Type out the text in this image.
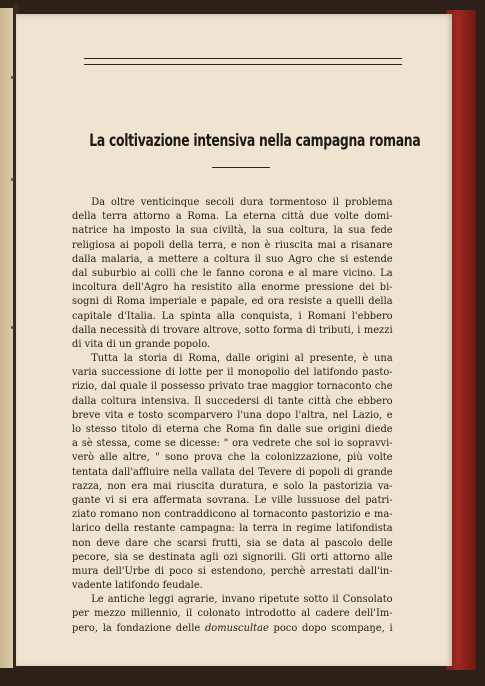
La coltivazione intensiva nella campagna romana
Da oltre venticinque secoli dura tormentoso il problema
della terra attorno a Roma. La eterna città due volte domi-
natrice ha imposto la sua civiltà, la sua coltura, la sua fede
religiosa ai popoli della terra, e non è riuscita mai a risanare
dalla malaria, a mettere a coltura il suo Agro che si estende
dal suburbio ai colli che le fanno corona e al mare vicino. La
incoltura dell'Agro ha resistito alla enorme pressione dei bi-
sogni di Roma imperiale e papale, ed ora resiste a quelli della
capitale d'Italia. La spinta alla conquista, i Romani l'ebbero
dalla necessità di trovare altrove, sotto forma di tributi, i mezzi
di vita di un grande popolo.
Tutta la storia di Roma, dalle origini al presente, è una
varia successione di lotte per il monopolio del latifondo pasto-
rizio, dal quale il possesso privato trae maggior tornaconto che
dalla coltura intensiva. Il succedersi di tante città che ebbero
breve vita e tosto scomparvero l'una dopo l'altra, nel Lazio, e
lo stesso titolo di eterna che Roma fin dalle sue origini diede
a sè stessa, come se dicesse: " ora vedrete che sol io sopravvi-
verò alle altre, " sono prova che la colonizzazione, più volte
tentata dall'affluire nella vallata del Tevere di popoli di grande
razza, non era mai riuscita duratura, e solo la pastorizia va-
gante vi si era affermata sovrana. Le ville lussuose del patri-
ziato romano non contraddicono al tornaconto pastorizio e ma-
larico della restante campagna: la terra in regime latifondista
non deve dare che scarsi frutti, sia se data al pascolo delle
pecore, sia se destinata agli ozi signorili. Gli orti attorno alle
mura dell'Urbe di poco si estendono, perchè arrestati dall'in-
vadente latifondo feudale.
Le antiche leggi agrarie, invano ripetute sotto il Consolato
per mezzo millennio, il colonato introdotto al cadere dell'Im-
pero, la fondazione delle domuscultae poco dopo scompaŋe, i
